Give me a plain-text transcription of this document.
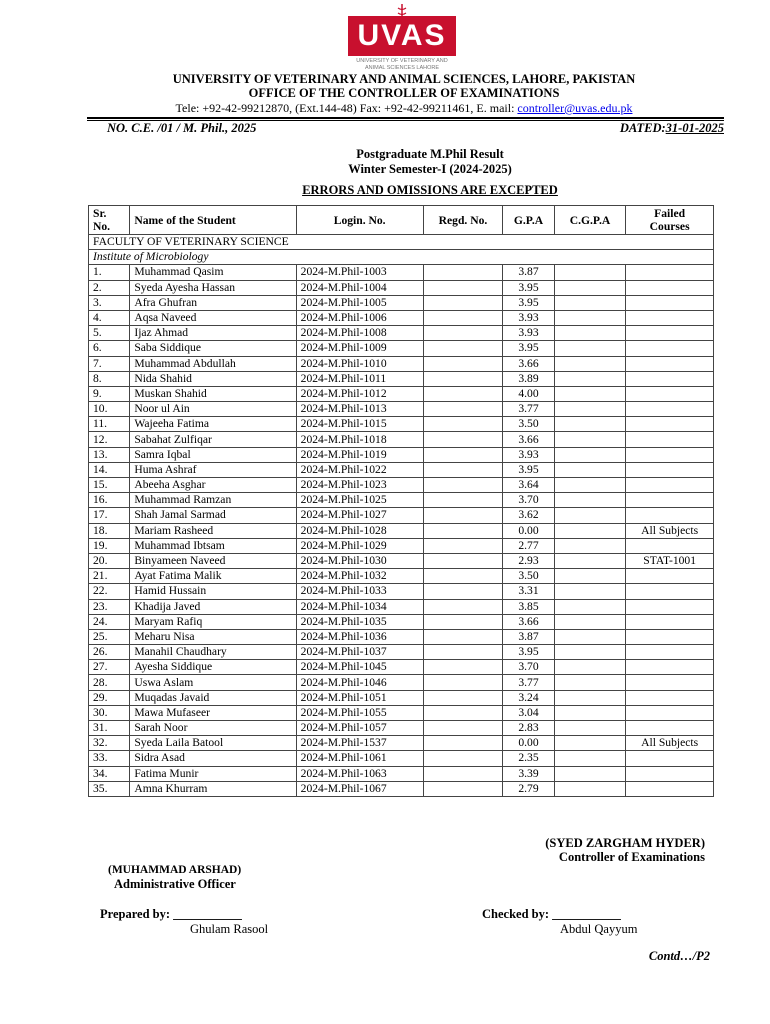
UVAS
UNIVERSITY OF VETERINARY AND
ANIMAL SCIENCES LAHORE
UNIVERSITY OF VETERINARY AND ANIMAL SCIENCES, LAHORE, PAKISTAN
OFFICE OF THE CONTROLLER OF EXAMINATIONS
Tele: +92-42-99212870, (Ext.144-48) Fax: +92-42-99211461, E. mail: controller@uvas.edu.pk
NO. C.E. /01 / M. Phil., 2025	DATED:31-01-2025
Postgraduate M.Phil Result
Winter Semester-I (2024-2025)
ERRORS AND OMISSIONS ARE EXCEPTED
Sr.
No.	Name of the Student	Login. No.	Regd. No.	G.P.A	C.G.P.A	Failed
Courses
FACULTY OF VETERINARY SCIENCE						
Institute of Microbiology						
1.	Muhammad Qasim	2024-M.Phil-1003		3.87		
2.	Syeda Ayesha Hassan	2024-M.Phil-1004		3.95		
3.	Afra Ghufran	2024-M.Phil-1005		3.95		
4.	Aqsa Naveed	2024-M.Phil-1006		3.93		
5.	Ijaz Ahmad	2024-M.Phil-1008		3.93		
6.	Saba Siddique	2024-M.Phil-1009		3.95		
7.	Muhammad Abdullah	2024-M.Phil-1010		3.66		
8.	Nida Shahid	2024-M.Phil-1011		3.89		
9.	Muskan Shahid	2024-M.Phil-1012		4.00		
10.	Noor ul Ain	2024-M.Phil-1013		3.77		
11.	Wajeeha Fatima	2024-M.Phil-1015		3.50		
12.	Sabahat Zulfiqar	2024-M.Phil-1018		3.66		
13.	Samra Iqbal	2024-M.Phil-1019		3.93		
14.	Huma Ashraf	2024-M.Phil-1022		3.95		
15.	Abeeha Asghar	2024-M.Phil-1023		3.64		
16.	Muhammad Ramzan	2024-M.Phil-1025		3.70		
17.	Shah Jamal Sarmad	2024-M.Phil-1027		3.62		
18.	Mariam Rasheed	2024-M.Phil-1028		0.00		All Subjects
19.	Muhammad Ibtsam	2024-M.Phil-1029		2.77		
20.	Binyameen Naveed	2024-M.Phil-1030		2.93		STAT-1001
21.	Ayat Fatima Malik	2024-M.Phil-1032		3.50		
22.	Hamid Hussain	2024-M.Phil-1033		3.31		
23.	Khadija Javed	2024-M.Phil-1034		3.85		
24.	Maryam Rafiq	2024-M.Phil-1035		3.66		
25.	Meharu Nisa	2024-M.Phil-1036		3.87		
26.	Manahil Chaudhary	2024-M.Phil-1037		3.95		
27.	Ayesha Siddique	2024-M.Phil-1045		3.70		
28.	Uswa Aslam	2024-M.Phil-1046		3.77		
29.	Muqadas Javaid	2024-M.Phil-1051		3.24		
30.	Mawa Mufaseer	2024-M.Phil-1055		3.04		
31.	Sarah Noor	2024-M.Phil-1057		2.83		
32.	Syeda Laila Batool	2024-M.Phil-1537		0.00		All Subjects
33.	Sidra Asad	2024-M.Phil-1061		2.35		
34.	Fatima Munir	2024-M.Phil-1063		3.39		
35.	Amna Khurram	2024-M.Phil-1067		2.79		
(SYED ZARGHAM HYDER)
Controller of Examinations
(MUHAMMAD ARSHAD)
Administrative Officer
Prepared by: ___________
Ghulam Rasool
Checked by: ___________
Abdul Qayyum
Contd…/P2
